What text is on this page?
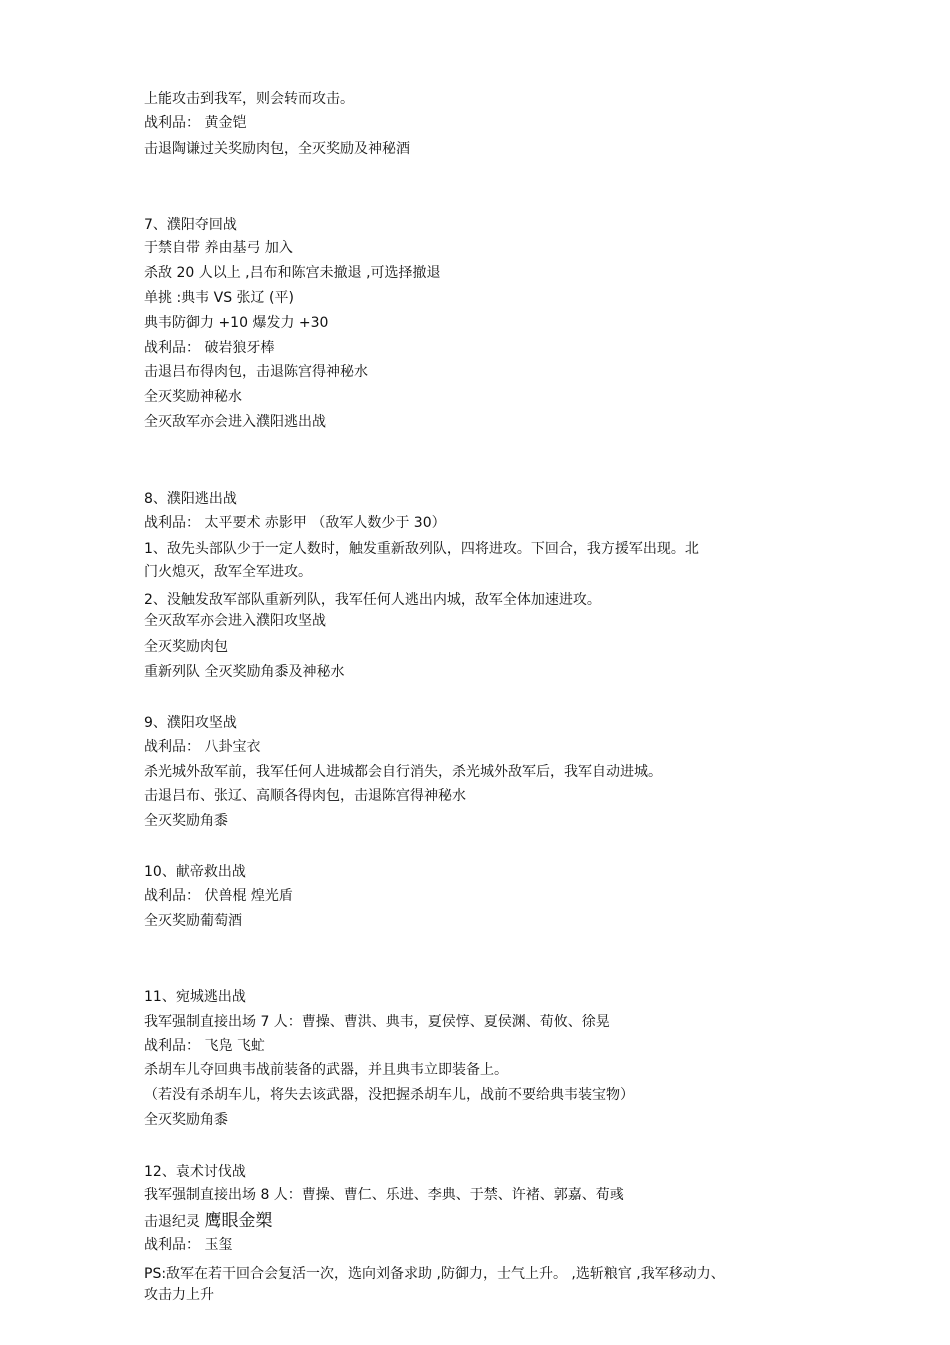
上能攻击到我军，则会转而攻击。
战利品： 黄金铠
击退陶谦过关奖励肉包，全灭奖励及神秘酒
7、濮阳夺回战
于禁自带 养由基弓 加入
杀敌 20 人以上 ,吕布和陈宫未撤退 ,可选择撤退
单挑 :典韦 VS 张辽 (平)
典韦防御力 +10 爆发力 +30
战利品： 破岩狼牙棒
击退吕布得肉包，击退陈宫得神秘水
全灭奖励神秘水
全灭敌军亦会进入濮阳逃出战
8、濮阳逃出战
战利品： 太平要术 赤影甲 （敌军人数少于 30）
1、敌先头部队少于一定人数时，触发重新敌列队，四将进攻。下回合，我方援军出现。北
门火熄灭，敌军全军进攻。
2、没触发敌军部队重新列队，我军任何人逃出内城，敌军全体加速进攻。
全灭敌军亦会进入濮阳攻坚战
全灭奖励肉包
重新列队 全灭奖励角黍及神秘水
9、濮阳攻坚战
战利品： 八卦宝衣
杀光城外敌军前，我军任何人进城都会自行消失，杀光城外敌军后，我军自动进城。
击退吕布、张辽、高顺各得肉包，击退陈宫得神秘水
全灭奖励角黍
10、献帝救出战
战利品： 伏兽棍 煌光盾
全灭奖励葡萄酒
11、宛城逃出战
我军强制直接出场 7 人：曹操、曹洪、典韦，夏侯惇、夏侯渊、荀攸、徐晃
战利品： 飞凫 飞虻
杀胡车儿夺回典韦战前装备的武器，并且典韦立即装备上。
（若没有杀胡车儿，将失去该武器，没把握杀胡车儿，战前不要给典韦装宝物）
全灭奖励角黍
12、袁术讨伐战
我军强制直接出场 8 人：曹操、曹仁、乐进、李典、于禁、许褚、郭嘉、荀彧
击退纪灵 鹰眼金槊
战利品： 玉玺
PS:敌军在若干回合会复活一次，选向刘备求助 ,防御力，士气上升。 ,选斩粮官 ,我军移动力、
攻击力上升
